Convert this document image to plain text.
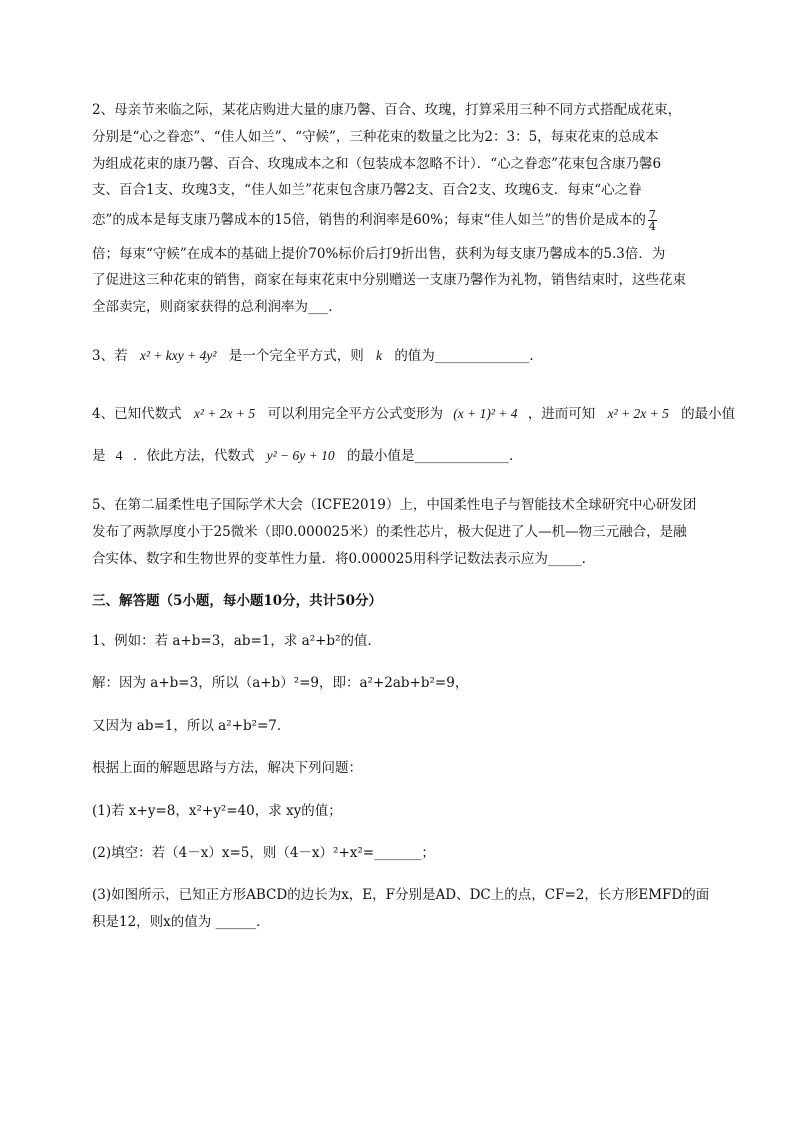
2、母亲节来临之际，某花店购进大量的康乃馨、百合、玫瑰，打算采用三种不同方式搭配成花束，
分别是“心之眷恋”、“佳人如兰”、“守候”，三种花束的数量之比为2：3：5，每束花束的总成本
为组成花束的康乃馨、百合、玫瑰成本之和（包装成本忽略不计）．“心之眷恋”花束包含康乃馨6
支、百合1支、玫瑰3支，“佳人如兰”花束包含康乃馨2支、百合2支、玫瑰6支．每束“心之眷
恋”的成本是每支康乃馨成本的15倍，销售的利润率是60%；每束“佳人如兰”的售价是成本的 $\frac{7}{4}$
倍；每束“守候”在成本的基础上提价70%标价后打9折出售，获利为每支康乃馨成本的5.3倍．为
了促进这三种花束的销售，商家在每束花束中分别赠送一支康乃馨作为礼物，销售结束时，这些花束
全部卖完，则商家获得的总利润率为___．
3、若 x² + kxy + 4y² 是一个完全平方式，则 k 的值为______________.
4、已知代数式 x² + 2x + 5 可以利用完全平方公式变形为 (x + 1)² + 4 ，进而可知 x² + 2x + 5 的最小值
是 4 ．依此方法，代数式 y² − 6y + 10 的最小值是______________.
5、在第二届柔性电子国际学术大会（ICFE2019）上，中国柔性电子与智能技术全球研究中心研发团
发布了两款厚度小于25微米（即0.000025米）的柔性芯片，极大促进了人—机—物三元融合，是融
合实体、数字和生物世界的变革性力量．将0.000025用科学记数法表示应为_____.
三、解答题（5小题，每小题10分，共计50分）
1、例如：若 a+b=3，ab=1，求 a²+b²的值．
解：因为 a+b=3，所以（a+b）²=9，即：a²+2ab+b²=9，
又因为 ab=1，所以 a²+b²=7．
根据上面的解题思路与方法，解决下列问题：
(1)若 x+y=8，x²+y²=40，求 xy的值；
(2)填空：若（4－x）x=5，则（4－x）²+x²=_______；
(3)如图所示，已知正方形ABCD的边长为x，E，F分别是AD、DC上的点，CF=2，长方形EMFD的面
积是12，则x的值为 ______．
